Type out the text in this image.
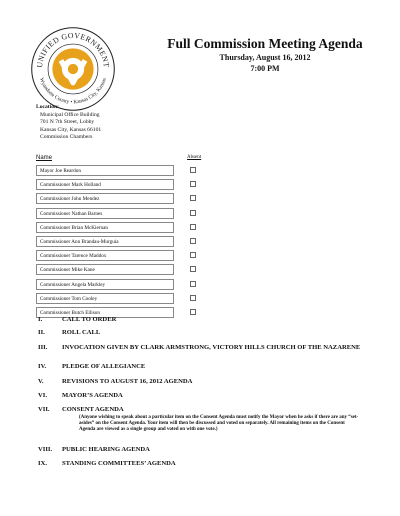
UNIFIED GOVERNMENT
Wyandotte County • Kansas City, Kansas
Full Commission Meeting Agenda
Thursday, August 16, 2012
7:00 PM
Location:
Municipal Office Building
701 N 7th Street, Lobby
Kansas City, Kansas 66101
Commission Chambers
Name	Absent
Mayor Joe Reardon
Commissioner Mark Holland
Commissioner John Mendez
Commissioner Nathan Barnes
Commissioner Brian McKiernan
Commissioner Ann Brandau-Murguia
Commissioner Tarence Maddox
Commissioner Mike Kane
Commissioner Angela Markley
Commissioner Tom Cooley
Commissioner Butch Ellison
I.	CALL TO ORDER
II.	ROLL CALL
III. INVOCATION GIVEN BY CLARK ARMSTRONG, VICTORY HILLS CHURCH OF THE NAZARENE
IV. PLEDGE OF ALLEGIANCE
V.	REVISIONS TO AUGUST 16, 2012 AGENDA
VI. MAYOR’S AGENDA
VII. CONSENT AGENDA
(Anyone wishing to speak about a particular item on the Consent Agenda must notify the Mayor when he asks if there are any “set-asides” on the Consent Agenda. Your item will then be discussed and voted on separately. All remaining items on the Consent Agenda are viewed as a single group and voted on with one vote.)
VIII. PUBLIC HEARING AGENDA
IX. STANDING COMMITTEES’ AGENDA
